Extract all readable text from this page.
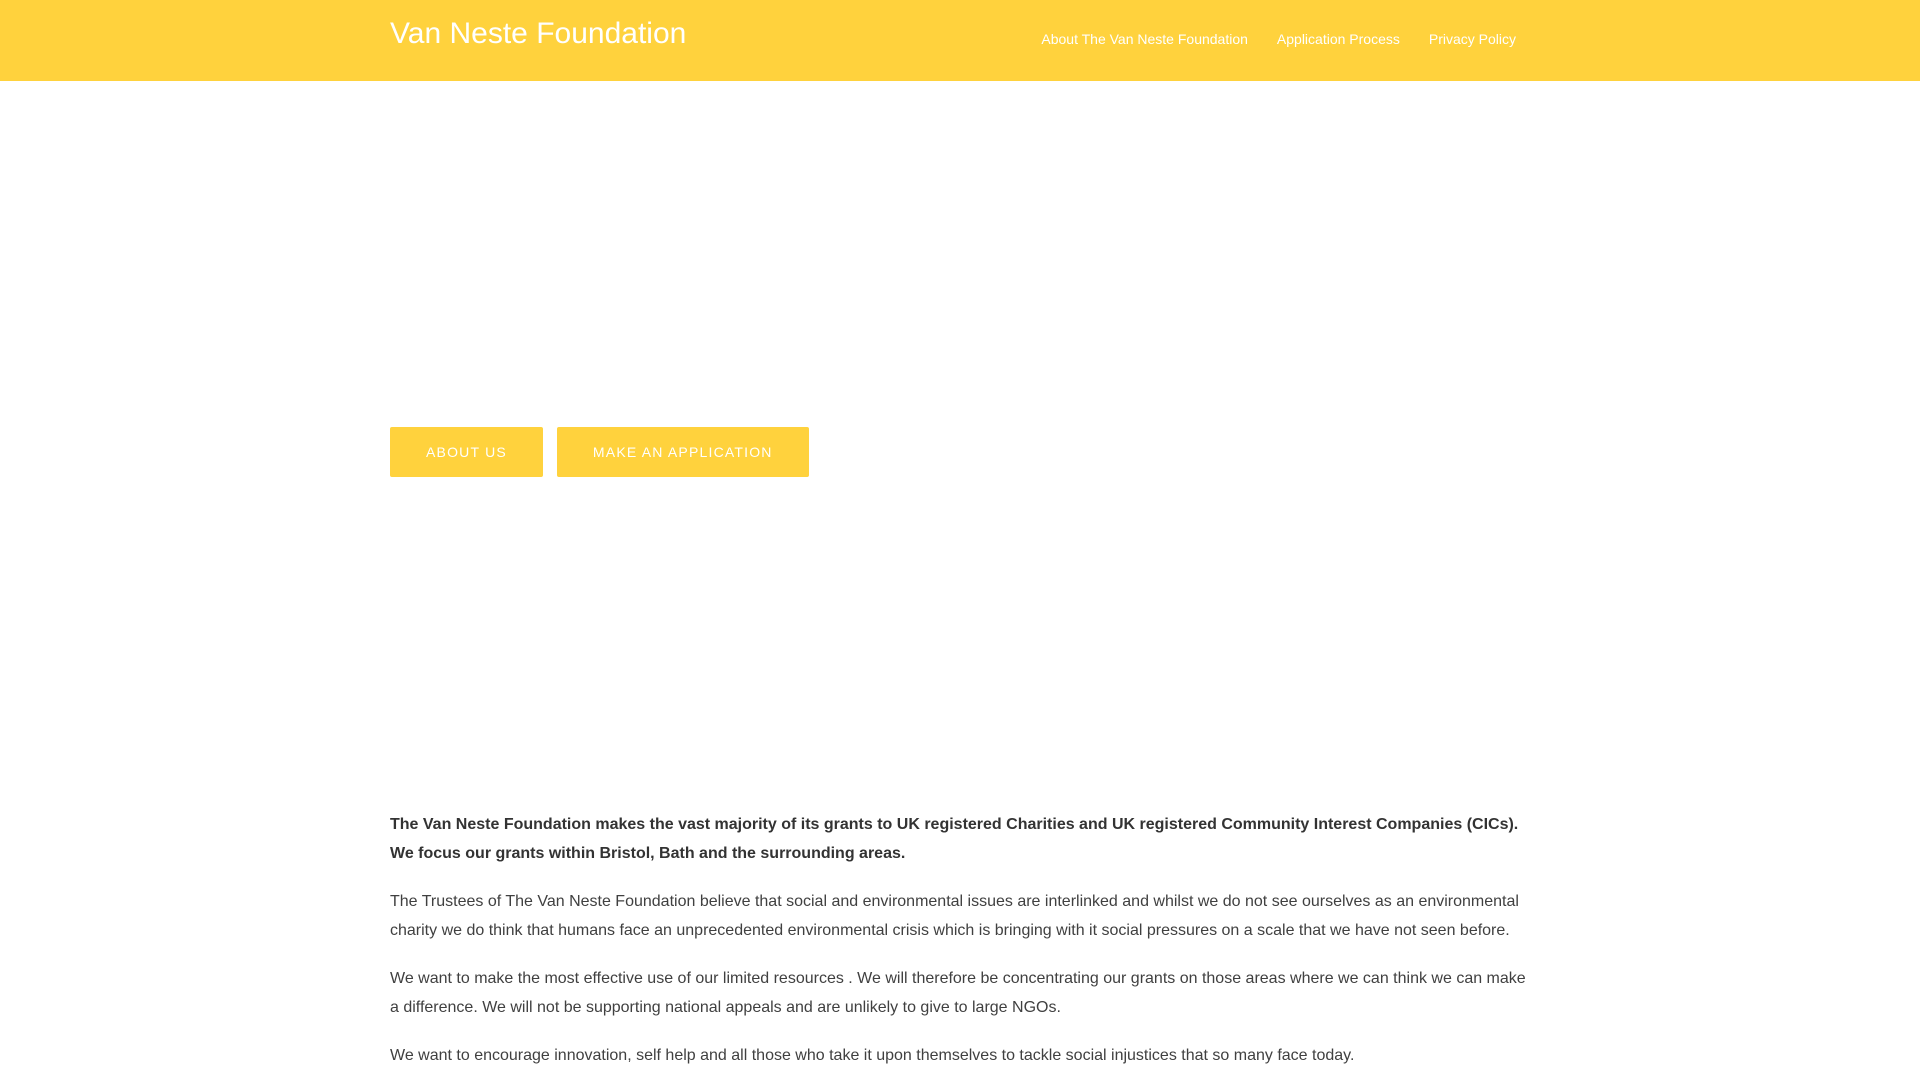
Van Neste Foundation	About The Van Neste Foundation Application Process Privacy Policy
ABOUT US	MAKE AN APPLICATION

The Van Neste Foundation makes the vast majority of its grants to UK registered Charities and UK registered Community Interest Companies (CICs). We focus our grants within Bristol, Bath and the surrounding areas.

The Trustees of The Van Neste Foundation believe that social and environmental issues are interlinked and whilst we do not see ourselves as an environmental charity we do think that humans face an unprecedented environmental crisis which is bringing with it social pressures on a scale that we have not seen before.

We want to make the most effective use of our limited resources . We will therefore be concentrating our grants on those areas where we can think we can make a difference. We will not be supporting national appeals and are unlikely to give to large NGOs.

We want to encourage innovation, self help and all those who take it upon themselves to tackle social injustices that so many face today.
